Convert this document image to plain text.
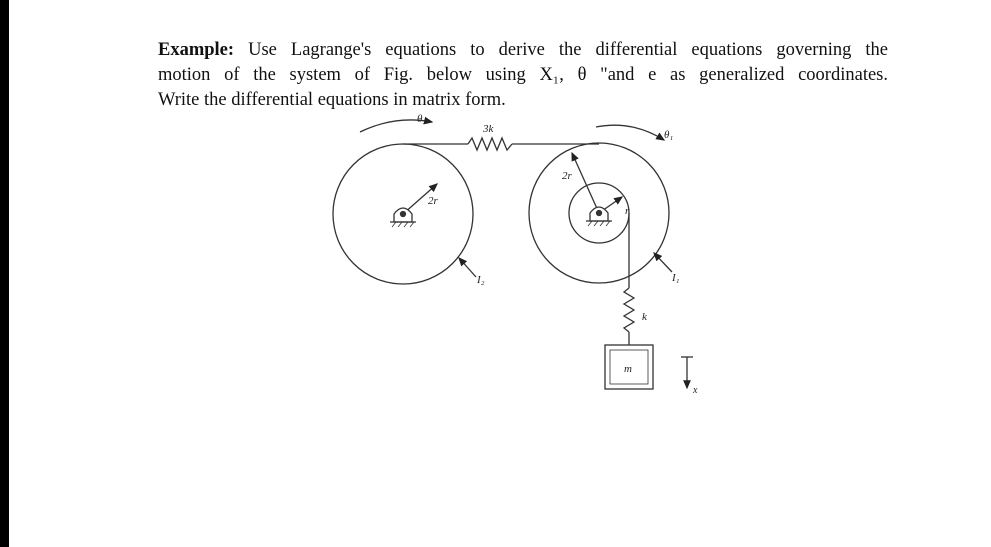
Example: Use Lagrange's equations to derive the differential equations governing the
motion of the system of Fig. below using X₁, θ "and e as generalized coordinates.
Write the differential equations in matrix form.
θ₂
θ₁
3k
2r
2r
r
I₂	I₁
k
m
x
